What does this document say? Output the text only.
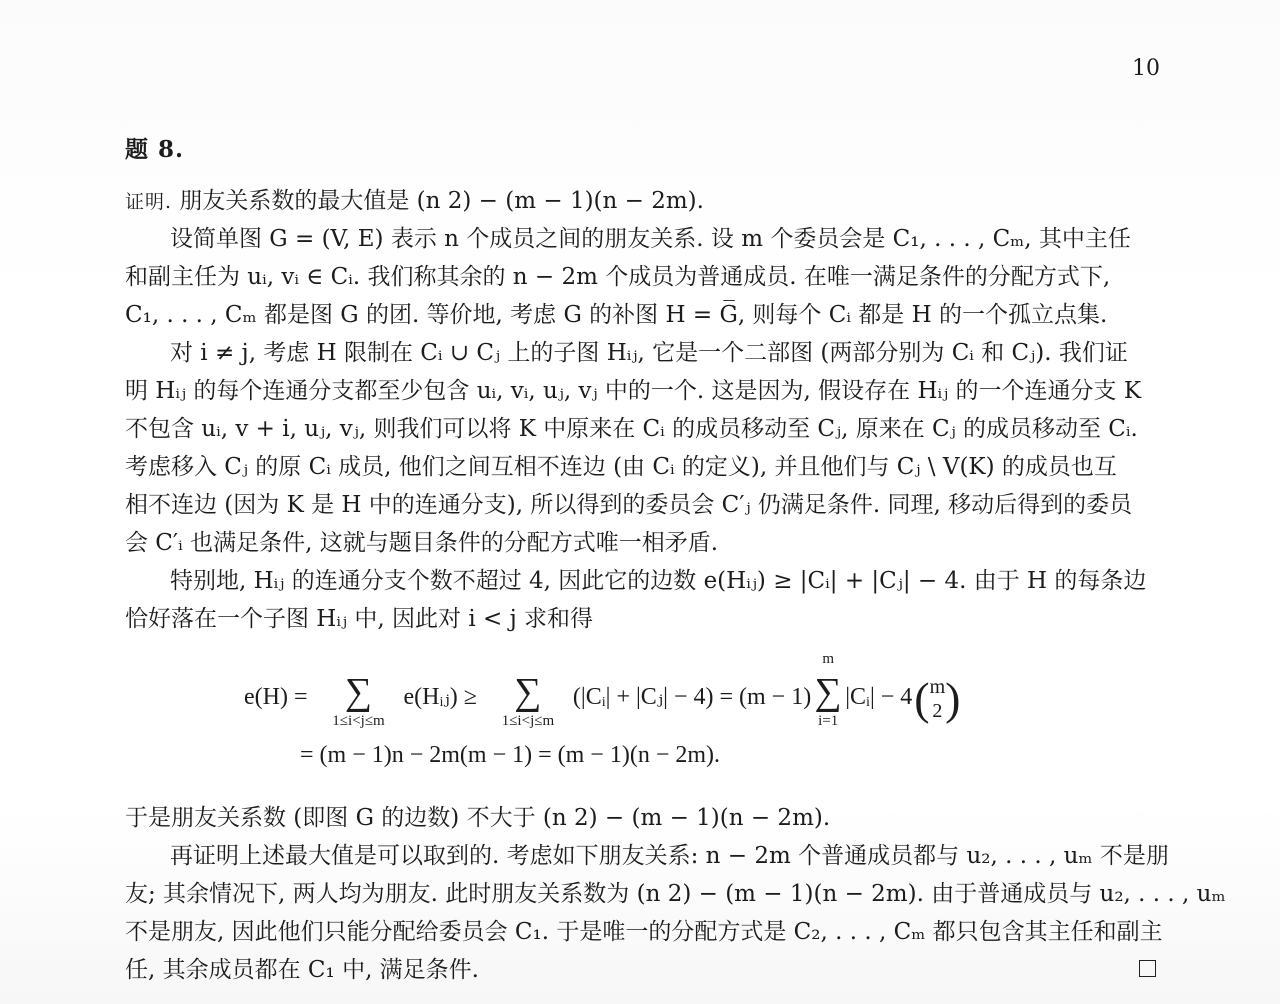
10
题 8.
证明. 朋友关系数的最大值是 (n 2) − (m − 1)(n − 2m).
设简单图 G = (V, E) 表示 n 个成员之间的朋友关系. 设 m 个委员会是 C₁, . . . , Cₘ, 其中主任
和副主任为 uᵢ, vᵢ ∈ Cᵢ. 我们称其余的 n − 2m 个成员为普通成员. 在唯一满足条件的分配方式下,
C₁, . . . , Cₘ 都是图 G 的团. 等价地, 考虑 G 的补图 H = G̅, 则每个 Cᵢ 都是 H 的一个孤立点集.
对 i ≠ j, 考虑 H 限制在 Cᵢ ∪ Cⱼ 上的子图 Hᵢⱼ, 它是一个二部图 (两部分别为 Cᵢ 和 Cⱼ). 我们证
明 Hᵢⱼ 的每个连通分支都至少包含 uᵢ, vᵢ, uⱼ, vⱼ 中的一个. 这是因为, 假设存在 Hᵢⱼ 的一个连通分支 K
不包含 uᵢ, v + i, uⱼ, vⱼ, 则我们可以将 K 中原来在 Cᵢ 的成员移动至 Cⱼ, 原来在 Cⱼ 的成员移动至 Cᵢ.
考虑移入 Cⱼ 的原 Cᵢ 成员, 他们之间互相不连边 (由 Cᵢ 的定义), 并且他们与 Cⱼ \ V(K) 的成员也互
相不连边 (因为 K 是 H 中的连通分支), 所以得到的委员会 C′ⱼ 仍满足条件. 同理, 移动后得到的委员
会 C′ᵢ 也满足条件, 这就与题目条件的分配方式唯一相矛盾.
特别地, Hᵢⱼ 的连通分支个数不超过 4, 因此它的边数 e(Hᵢⱼ) ≥ |Cᵢ| + |Cⱼ| − 4. 由于 H 的每条边
恰好落在一个子图 Hᵢⱼ 中, 因此对 i < j 求和得
e(H) = ∑
1≤i<j≤m
e(Hᵢⱼ) ≥ ∑
1≤i<j≤m
(|Cᵢ| + |Cⱼ| − 4) = (m − 1)
m
∑
i=1
|Cᵢ| − 4(m
2)
= (m − 1)n − 2m(m − 1) = (m − 1)(n − 2m).
于是朋友关系数 (即图 G 的边数) 不大于 (n 2) − (m − 1)(n − 2m).
再证明上述最大值是可以取到的. 考虑如下朋友关系: n − 2m 个普通成员都与 u₂, . . . , uₘ 不是朋
友; 其余情况下, 两人均为朋友. 此时朋友关系数为 (n 2) − (m − 1)(n − 2m). 由于普通成员与 u₂, . . . , uₘ
不是朋友, 因此他们只能分配给委员会 C₁. 于是唯一的分配方式是 C₂, . . . , Cₘ 都只包含其主任和副主
任, 其余成员都在 C₁ 中, 满足条件.
